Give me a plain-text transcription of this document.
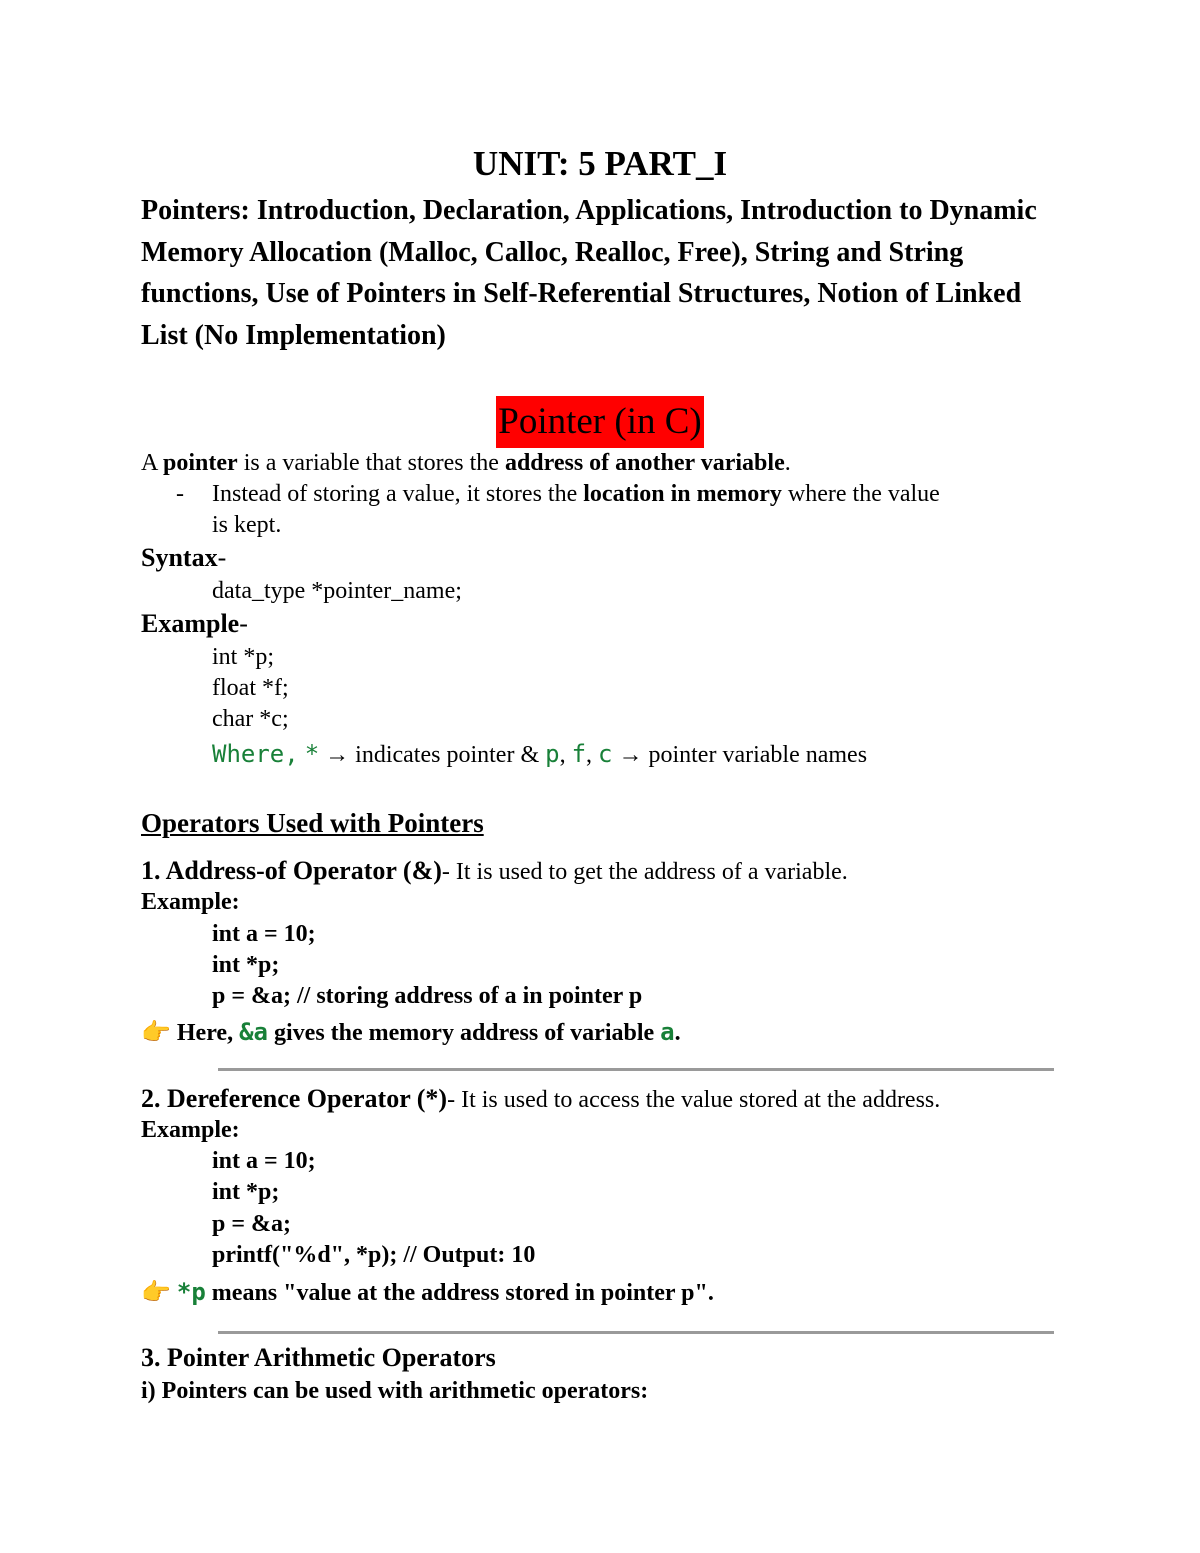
UNIT: 5 PART_I
Pointers: Introduction, Declaration, Applications, Introduction to Dynamic Memory Allocation (Malloc, Calloc, Realloc, Free), String and String functions, Use of Pointers in Self-Referential Structures, Notion of Linked List (No Implementation)
Pointer (in C)
A pointer is a variable that stores the address of another variable.
- Instead of storing a value, it stores the location in memory where the value
is kept.
Syntax-
data_type *pointer_name;
Example-
int *p;
float *f;
char *c;
Where, * → indicates pointer & p, f, c → pointer variable names
Operators Used with Pointers
1. Address-of Operator (&)- It is used to get the address of a variable.
Example:
int a = 10;
int *p;
p = &a; // storing address of a in pointer p
👉 Here, &a gives the memory address of variable a.
2. Dereference Operator (*)- It is used to access the value stored at the address.
Example:
int a = 10;
int *p;
p = &a;
printf("%d", *p); // Output: 10
👉 *p means "value at the address stored in pointer p".
3. Pointer Arithmetic Operators
i) Pointers can be used with arithmetic operators:
